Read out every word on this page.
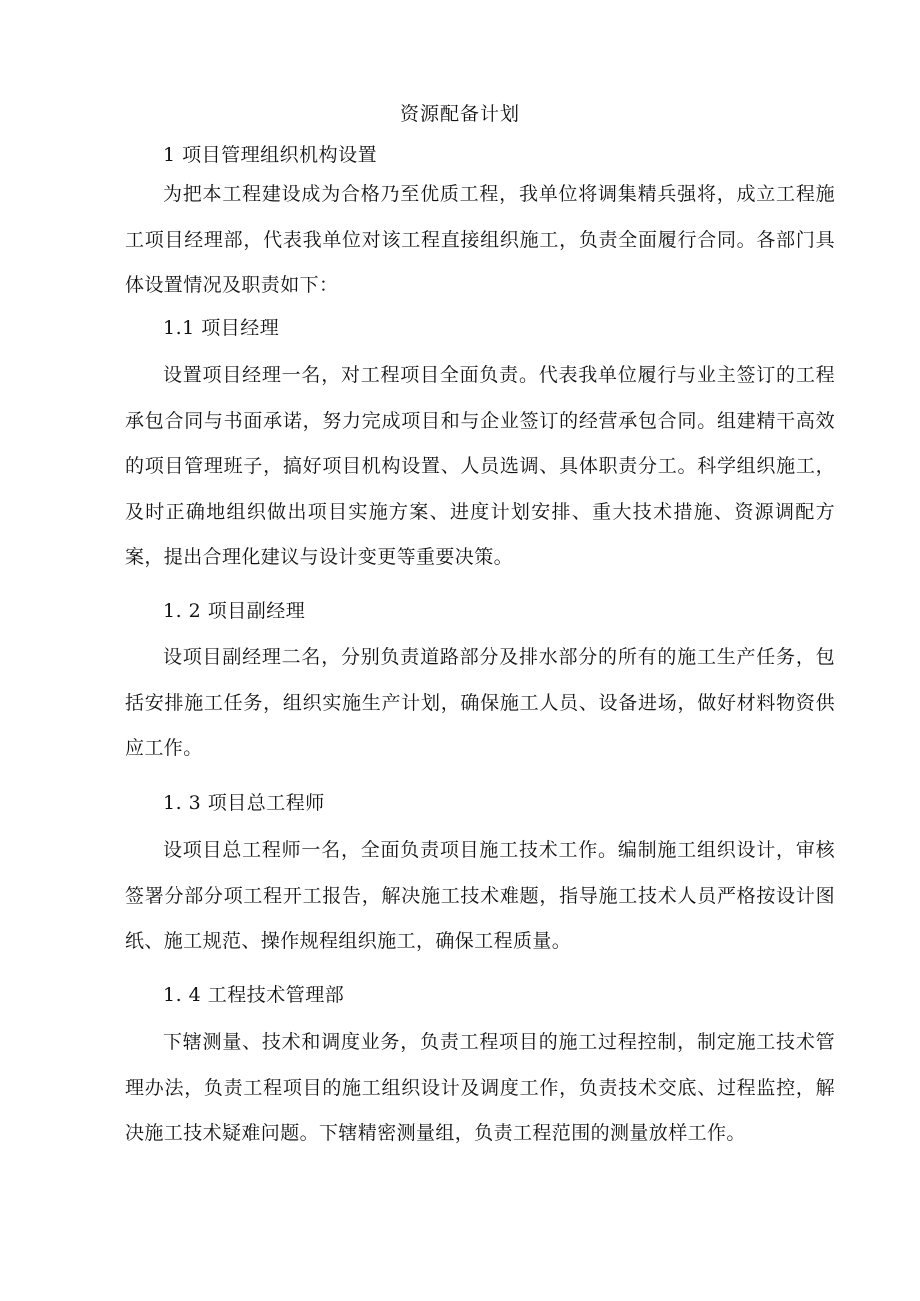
资源配备计划
1 项目管理组织机构设置

为把本工程建设成为合格乃至优质工程，我单位将调集精兵强将，成立工程施工项目经理部，代表我单位对该工程直接组织施工，负责全面履行合同。各部门具体设置情况及职责如下：

1.1 项目经理

设置项目经理一名，对工程项目全面负责。代表我单位履行与业主签订的工程承包合同与书面承诺，努力完成项目和与企业签订的经营承包合同。组建精干高效的项目管理班子，搞好项目机构设置、人员选调、具体职责分工。科学组织施工，及时正确地组织做出项目实施方案、进度计划安排、重大技术措施、资源调配方案，提出合理化建议与设计变更等重要决策。

1. 2 项目副经理

设项目副经理二名，分别负责道路部分及排水部分的所有的施工生产任务，包括安排施工任务，组织实施生产计划，确保施工人员、设备进场，做好材料物资供应工作。

1. 3 项目总工程师

设项目总工程师一名，全面负责项目施工技术工作。编制施工组织设计，审核签署分部分项工程开工报告，解决施工技术难题，指导施工技术人员严格按设计图纸、施工规范、操作规程组织施工，确保工程质量。

1. 4 工程技术管理部

下辖测量、技术和调度业务，负责工程项目的施工过程控制，制定施工技术管理办法，负责工程项目的施工组织设计及调度工作，负责技术交底、过程监控，解决施工技术疑难问题。下辖精密测量组，负责工程范围的测量放样工作。
